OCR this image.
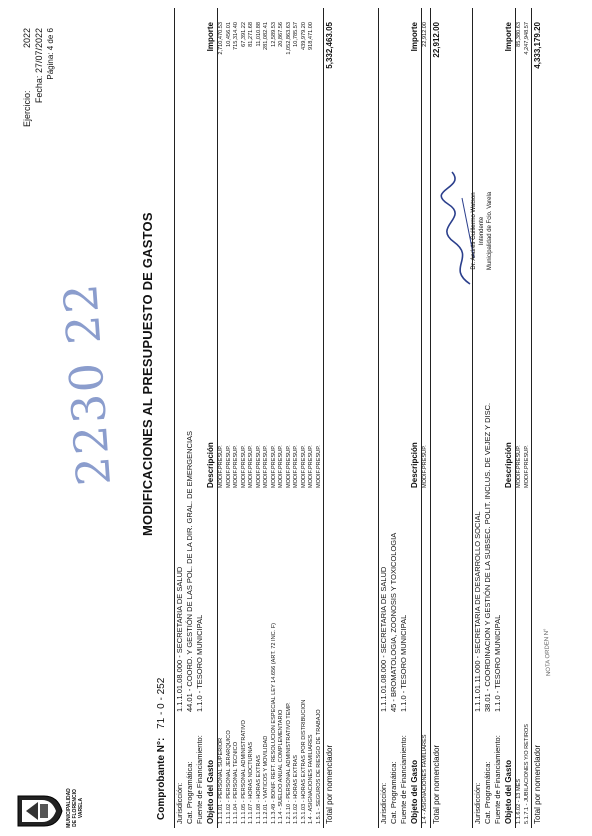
MUNICIPALIDAD DE FLORENCIO VARELA
Ejercicio: 2022
Fecha: 27/07/2022 Página: 4 de 6
2230 22 MODIFICACIONES AL PRESUPUESTO DE GASTOS
Comprobante N°: 71 - 0 - 252
Jurisdicción:
1.1.1.01.08.000 - SECRETARIA DE SALUD
Cat. Programática:
44.01 - COORD. Y GESTIÓN DE LAS POL. DE LA DIR. GRAL. DE EMERGENCIAS
Fuente de Financiamiento:
1.1.0 - TESORO MUNICIPAL
Objeto del Gasto
Descripción
Importe
1.1.1.01 - PERSONAL SUPERIOR
MODIF.PRESUP.
2,710,470.53
1.1.1.02 - PERSONAL JERARQUICO
MODIF.PRESUP.
10,456.01
1.1.1.04 - PERSONAL TECNICO
MODIF.PRESUP.
715,314.40
1.1.1.05 - PERSONAL ADMINISTRATIVO
MODIF.PRESUP.
67,391.22
1.1.1.07 - HORAS NOCTURNAS
MODIF.PRESUP.
81,271.68
1.1.1.08 - HORAS EXTRAS
MODIF.PRESUP.
11,010.88
1.1.2.01 - VIATICOS Y MOVILIDAD
MODIF.PRESUP.
281,082.41
1.1.3.49 - BONIF. REFT. RESOLUCION ESPECIAL LEY 14.656 (ART. 72 INC. F)
MODIF.PRESUP.
12,589.53
1.1.4 - SUELDO ANUAL COMPLEMENTARIO
MODIF.PRESUP.
20,867.56
1.2.1.10 - PERSONAL ADMINISTRATIVO TEMP.
MODIF.PRESUP.
1,052,863.63
1.3.1.02 - HORAS EXTRAS
MODIF.PRESUP.
10,785.57
1.3.1.03 - HORAS EXTRAS POR DISTRIBUCION
MODIF.PRESUP.
439,979.20
1.4 - ASIGNACIONES FAMILIARES
MODIF.PRESUP.
918,471.00
1.5.1 - SEGUROS DE RIESGO DE TRABAJO
MODIF.PRESUP.
Total por nomenclador
5,332,463.05
Jurisdicción:
1.1.1.01.08.000 - SECRETARIA DE SALUD
Cat. Programática:
45 - BROMATOLOGIA, ZOONOSIS Y TOXICOLOGIA
Fuente de Financiamiento:
1.1.0 - TESORO MUNICIPAL
Objeto del Gasto
Descripción
Importe
1.4 - ASIGNACIONES FAMILIARES
MODIF.PRESUP.
22,912.00
Total por nomenclador
22,912.00
Jurisdicción:
1.1.1.01.11.000 - SECRETARIA DE DESARROLLO SOCIAL
Cat. Programática:
38.01 - COORDINACION Y GESTIÓN DE LA SUBSEC. POLIT. INCLUS. DE VEJEZ Y DISC.
Fuente de Financiamiento:
1.1.0 - TESORO MUNICIPAL
Objeto del Gasto
Descripción
Importe
1.1.6.02 - 13 MES
MODIF.PRESUP.
85,380.63
5.1.7.1 - JUBILACIONES Y/O RETIROS
MODIF.PRESUP.
4,247,948.57
Total por nomenclador
4,333,179.20
NOTA ORDEN N°
Dr. Andrés Guillermo Watson Intendente Municipalidad de Fcio. Varela
